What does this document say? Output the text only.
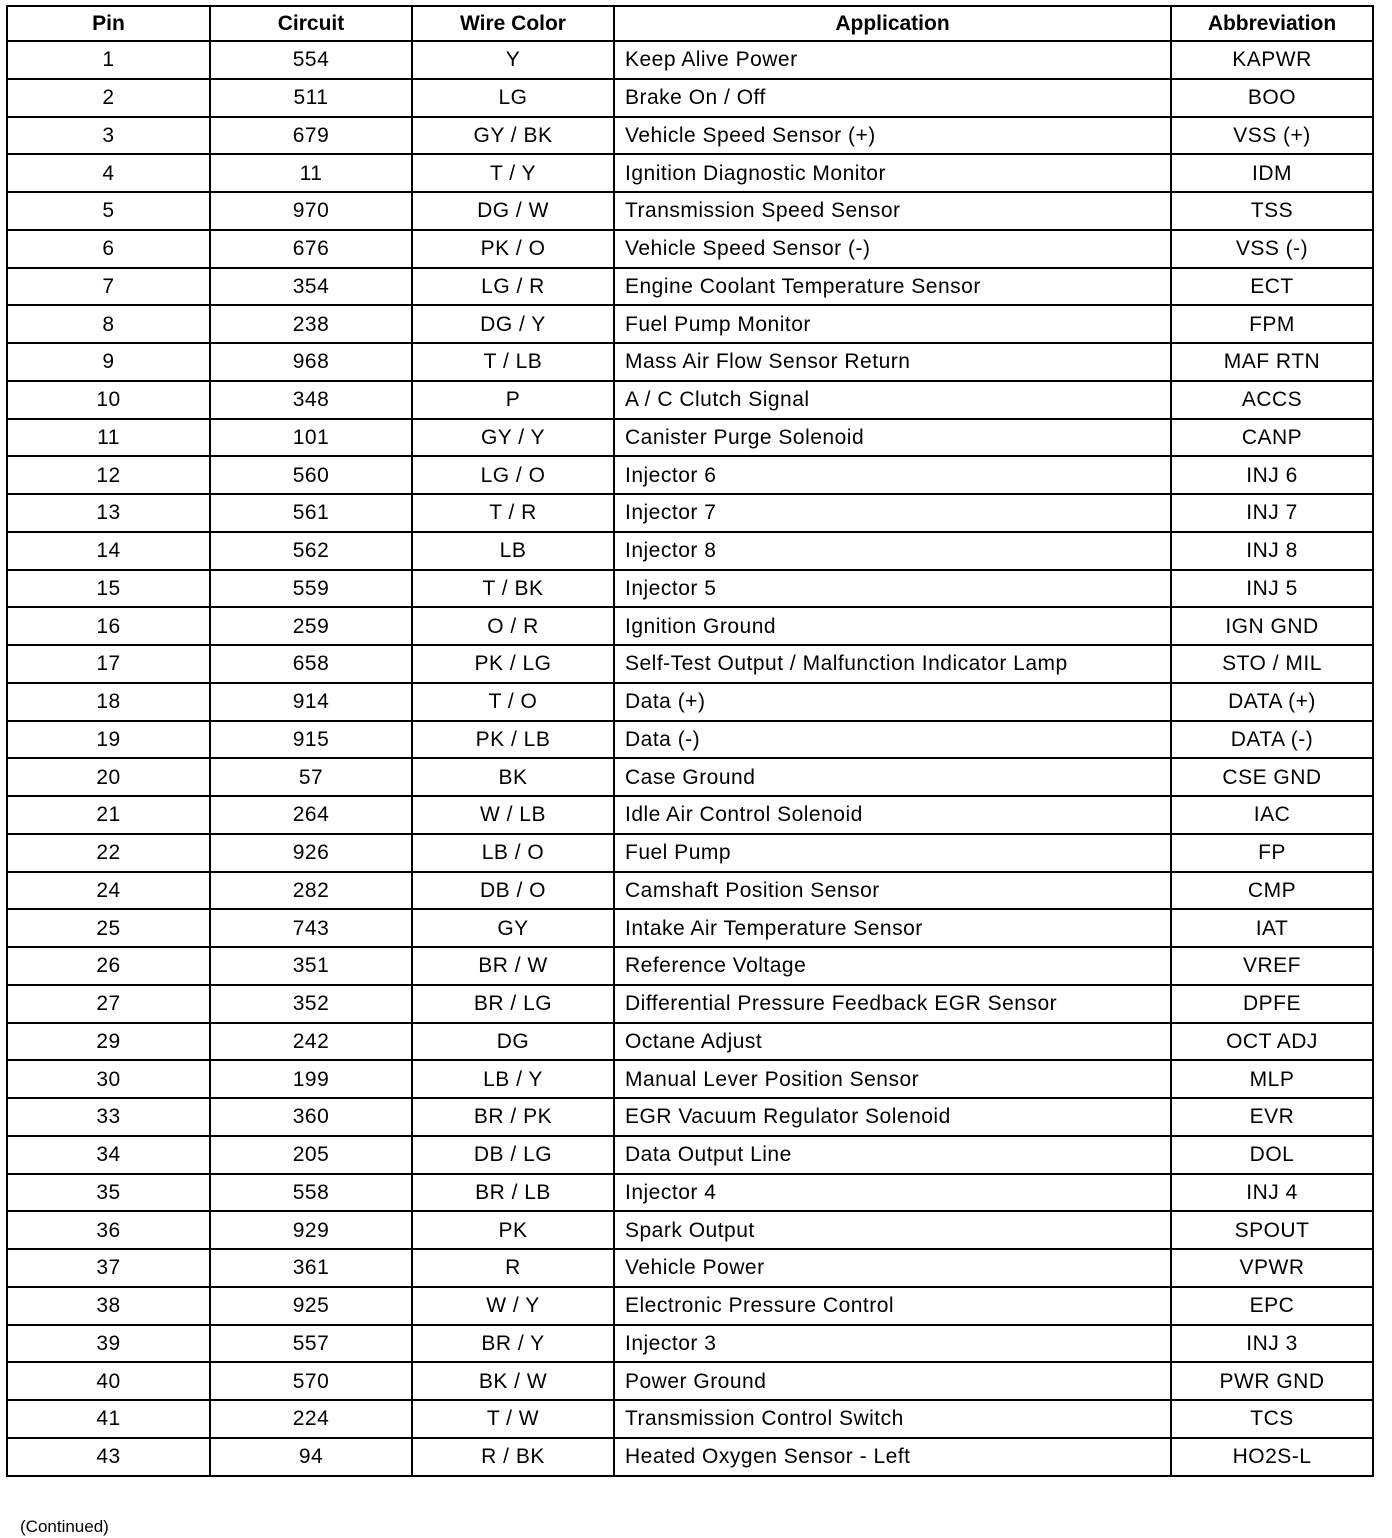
Pin	Circuit	Wire Color	Application	Abbreviation
1	554	Y	Keep Alive Power	KAPWR
2	511	LG	Brake On / Off	BOO
3	679	GY / BK	Vehicle Speed Sensor (+)	VSS (+)
4	11	T / Y	Ignition Diagnostic Monitor	IDM
5	970	DG / W	Transmission Speed Sensor	TSS
6	676	PK / O	Vehicle Speed Sensor (-)	VSS (-)
7	354	LG / R	Engine Coolant Temperature Sensor	ECT
8	238	DG / Y	Fuel Pump Monitor	FPM
9	968	T / LB	Mass Air Flow Sensor Return	MAF RTN
10	348	P	A / C Clutch Signal	ACCS
11	101	GY / Y	Canister Purge Solenoid	CANP
12	560	LG / O	Injector 6	INJ 6
13	561	T / R	Injector 7	INJ 7
14	562	LB	Injector 8	INJ 8
15	559	T / BK	Injector 5	INJ 5
16	259	O / R	Ignition Ground	IGN GND
17	658	PK / LG	Self-Test Output / Malfunction Indicator Lamp	STO / MIL
18	914	T / O	Data (+)	DATA (+)
19	915	PK / LB	Data (-)	DATA (-)
20	57	BK	Case Ground	CSE GND
21	264	W / LB	Idle Air Control Solenoid	IAC
22	926	LB / O	Fuel Pump	FP
24	282	DB / O	Camshaft Position Sensor	CMP
25	743	GY	Intake Air Temperature Sensor	IAT
26	351	BR / W	Reference Voltage	VREF
27	352	BR / LG	Differential Pressure Feedback EGR Sensor	DPFE
29	242	DG	Octane Adjust	OCT ADJ
30	199	LB / Y	Manual Lever Position Sensor	MLP
33	360	BR / PK	EGR Vacuum Regulator Solenoid	EVR
34	205	DB / LG	Data Output Line	DOL
35	558	BR / LB	Injector 4	INJ 4
36	929	PK	Spark Output	SPOUT
37	361	R	Vehicle Power	VPWR
38	925	W / Y	Electronic Pressure Control	EPC
39	557	BR / Y	Injector 3	INJ 3
40	570	BK / W	Power Ground	PWR GND
41	224	T / W	Transmission Control Switch	TCS
43	94	R / BK	Heated Oxygen Sensor - Left	HO2S-L
(Continued)
